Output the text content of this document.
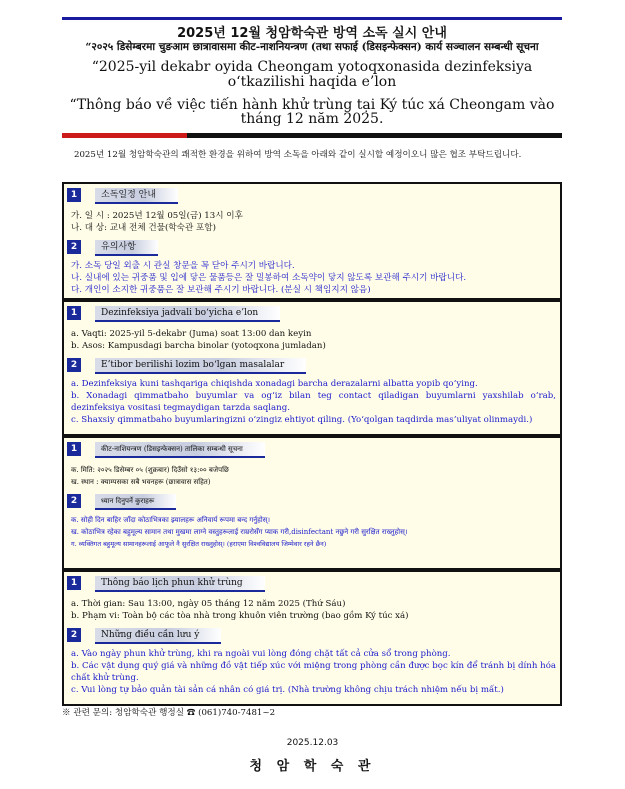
2025년 12월 청암학숙관 방역 소독 실시 안내
“२०२५ डिसेम्बरमा चुङआम छात्रावासमा कीट-नाशनियन्त्रण (तथा सफाई (डिसइन्फेक्सन) कार्य सञ्चालन सम्बन्धी सूचना
“2025-yil dekabr oyida Cheongam yotoqxonasida dezinfeksiya o‘tkazilishi haqida e’lon
“Thông báo về việc tiến hành khử trùng tại Ký túc xá Cheongam vào tháng 12 năm 2025.
2025년 12월 청암학숙관의 쾌적한 환경을 위하여 방역 소독을 아래와 같이 실시할 예정이오니 많은 협조 부탁드립니다.
1	소독일정 안내
가. 일 시 : 2025년 12월 05일(금) 13시 이후
나. 대 상: 교내 전체 건물(학숙관 포함)
2	유의사항
가. 소독 당일 외출 시 관실 창문을 꼭 닫아 주시기 바랍니다.
나. 실내에 있는 귀중품 및 입에 닿은 물품등은 잘 밀봉하여 소독약이 닿지 않도록 보관해 주시기 바랍니다.
다. 개인이 소지한 귀중품은 잘 보관해 주시기 바랍니다. (분실 시 책임지지 않음)
1	Dezinfeksiya jadvali bo‘yicha e’lon
a. Vaqti: 2025-yil 5-dekabr (Juma) soat 13:00 dan keyin
b. Asos: Kampusdagi barcha binolar (yotoqxona jumladan)
2	E’tibor berilishi lozim bo‘lgan masalalar
a. Dezinfeksiya kuni tashqariga chiqishda xonadagi barcha derazalarni albatta yopib qo‘ying.
b. Xonadagi qimmatbaho buyumlar va og‘iz bilan teg contact qiladigan buyumlarni yaxshilab o‘rab, dezinfeksiya vositasi tegmaydigan tarzda saqlang.
c. Shaxsiy qimmatbaho buyumlaringizni o‘zingiz ehtiyot qiling. (Yo‘qolgan taqdirda mas’uliyat olinmaydi.)
1	कीट-नाशियन्त्रण (डिसइन्फेक्सन) तालिका सम्बन्धी सूचना
क. मिति: २०२५ डिसेम्बर ०५ (शुक्रबार) दिउँसो १३:०० बजेपछि
ख. स्थान : क्याम्पसका सबै भवनहरू (छात्रावास सहित)
2	ध्यान दिनुपर्ने कुराहरू
क. सोही दिन बाहिर जाँदा कोठाभित्रका झ्यालहरू अनिवार्य रूपमा बन्द गर्नुहोस्।
ख. कोठाभित्र रहेका बहुमूल्य सामान तथा मुखमा लाग्ने वस्तुहरूलाई राम्ररोसँग प्याक गरी,disinfectant नछुने गरी सुरक्षित राख्नुहोस्।
ग. व्यक्तिगत बहुमूल्य सामानहरूलाई आफूले नै सुरक्षित राख्नुहोस्। (हराएमा विश्वविद्यालय जिम्मेवार रहने छैन)
1	Thông báo lịch phun khử trùng
a. Thời gian: Sau 13:00, ngày 05 tháng 12 năm 2025 (Thứ Sáu)
b. Phạm vi: Toàn bộ các tòa nhà trong khuôn viên trường (bao gồm Ký túc xá)
2	Những điều cần lưu ý
a. Vào ngày phun khử trùng, khi ra ngoài vui lòng đóng chặt tất cả cửa sổ trong phòng.
b. Các vật dụng quý giá và những đồ vật tiếp xúc với miệng trong phòng cần được bọc kín để tránh bị dính hóa chất khử trùng.
c. Vui lòng tự bảo quản tài sản cá nhân có giá trị. (Nhà trường không chịu trách nhiệm nếu bị mất.)
※ 관련 문의: 청암학숙관 행정실 ☎ (061)740-7481~2
2025.12.03
청 암 학 숙 관
